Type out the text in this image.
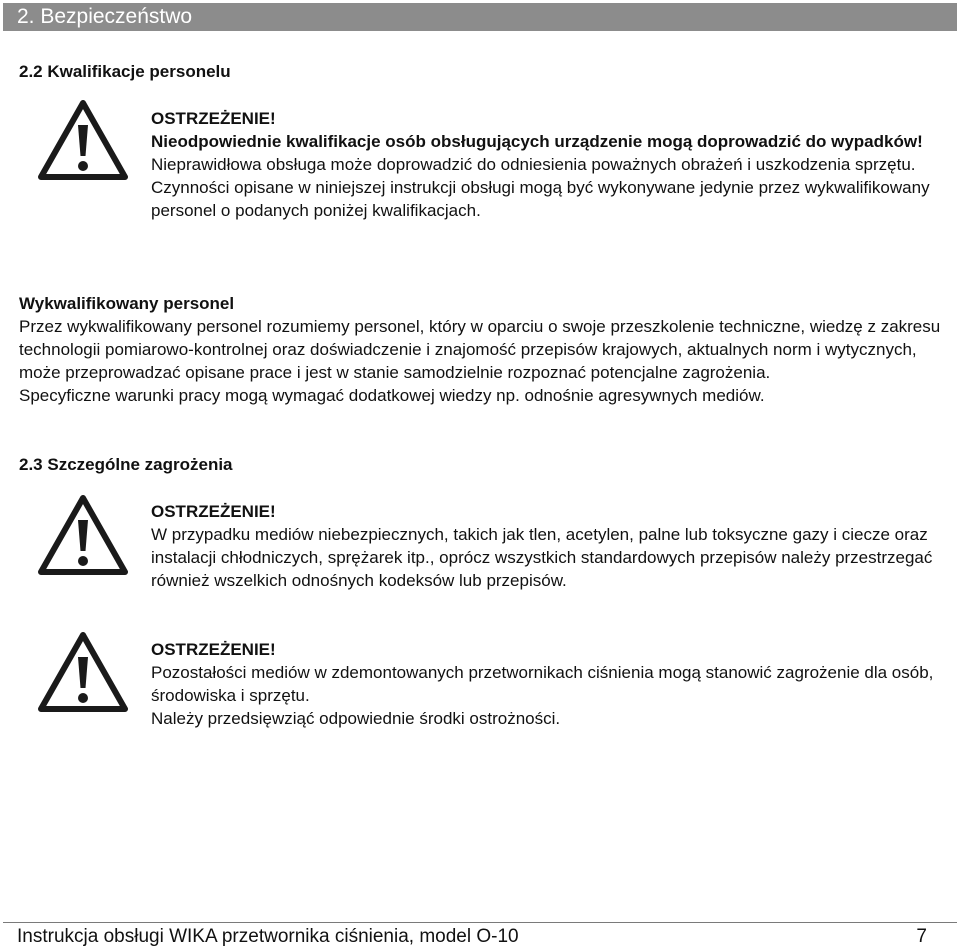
2. Bezpieczeństwo
2.2 Kwalifikacje personelu
OSTRZEŻENIE!
Nieodpowiednie kwalifikacje osób obsługujących urządzenie mogą doprowadzić do wypadków!
Nieprawidłowa obsługa może doprowadzić do odniesienia poważnych obrażeń i uszkodzenia sprzętu.
Czynności opisane w niniejszej instrukcji obsługi mogą być wykonywane jedynie przez wykwalifikowany personel o podanych poniżej kwalifikacjach.
Wykwalifikowany personel
Przez wykwalifikowany personel rozumiemy personel, który w oparciu o swoje przeszkolenie techniczne, wiedzę z zakresu technologii pomiarowo-kontrolnej oraz doświadczenie i znajomość przepisów krajowych, aktualnych norm i wytycznych, może przeprowadzać opisane prace i jest w stanie samodzielnie rozpoznać potencjalne zagrożenia.
Specyficzne warunki pracy mogą wymagać dodatkowej wiedzy np. odnośnie agresywnych mediów.
2.3 Szczególne zagrożenia
OSTRZEŻENIE!
W przypadku mediów niebezpiecznych, takich jak tlen, acetylen, palne lub toksyczne gazy i ciecze oraz instalacji chłodniczych, sprężarek itp., oprócz wszystkich standardowych przepisów należy przestrzegać również wszelkich odnośnych kodeksów lub przepisów.
OSTRZEŻENIE!
Pozostałości mediów w zdemontowanych przetwornikach ciśnienia mogą stanowić zagrożenie dla osób, środowiska i sprzętu.
Należy przedsięwziąć odpowiednie środki ostrożności.
Instrukcja obsługi WIKA przetwornika ciśnienia, model O-10	7
